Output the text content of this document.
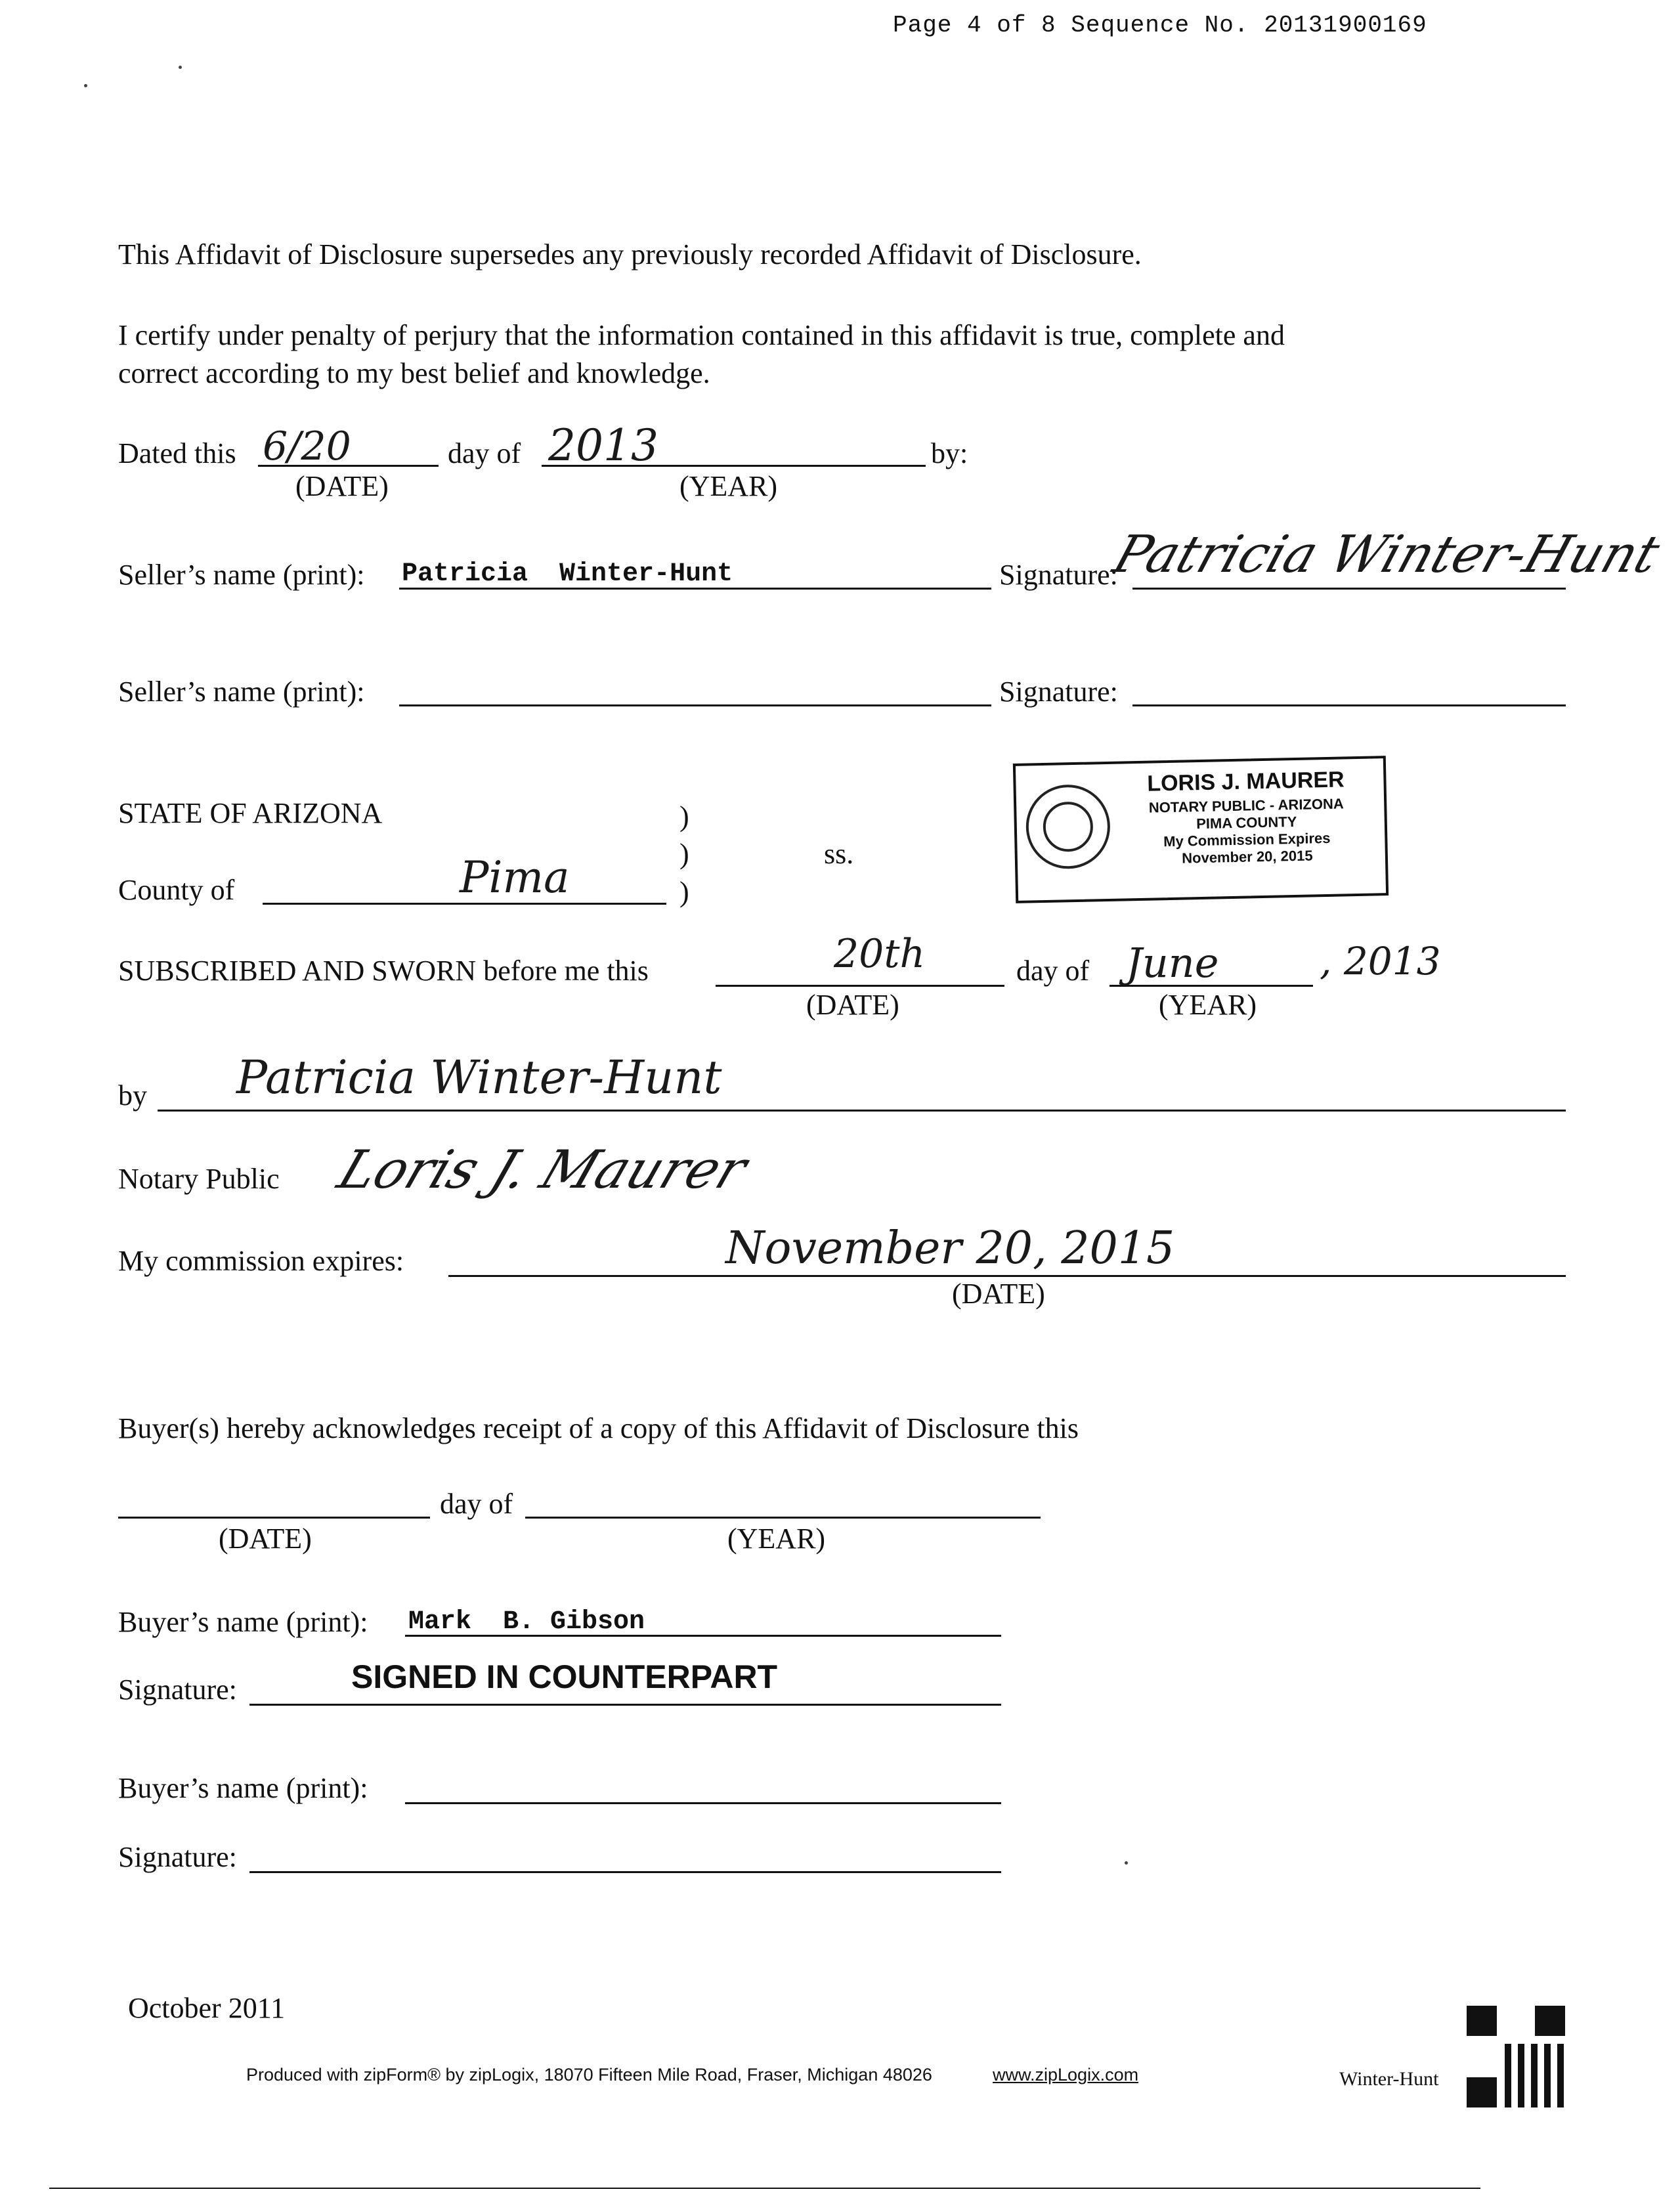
Page 4 of 8 Sequence No. 20131900169
This Affidavit of Disclosure supersedes any previously recorded Affidavit of Disclosure.
I certify under penalty of perjury that the information contained in this affidavit is true, complete and
correct according to my best belief and knowledge.
Dated this 6/20	day of 2013	by:
(DATE)	(YEAR)
Seller’s name (print): Patricia  Winter-Hunt	Signature:
Patricia Winter-Hunt
Seller’s name (print):	Signature:
LORIS J. MAURER
NOTARY PUBLIC - ARIZONA
PIMA COUNTY
My Commission Expires
November 20, 2015
STATE OF ARIZONA	)
)
)
ss.
County of	Pima
SUBSCRIBED AND SWORN before me this	20th	day of June	, 2013
(DATE)	(YEAR)
by Patricia Winter-Hunt
Notary Public Loris J. Maurer
My commission expires:	November 20, 2015
(DATE)
Buyer(s) hereby acknowledges receipt of a copy of this Affidavit of Disclosure this
day of
(DATE)	(YEAR)
Buyer’s name (print): Mark  B. Gibson
Signature:	SIGNED IN COUNTERPART
Buyer’s name (print):
Signature:
October 2011
Produced with zipForm® by zipLogix, 18070 Fifteen Mile Road, Fraser, Michigan 48026	www.zipLogix.com	Winter-Hunt
